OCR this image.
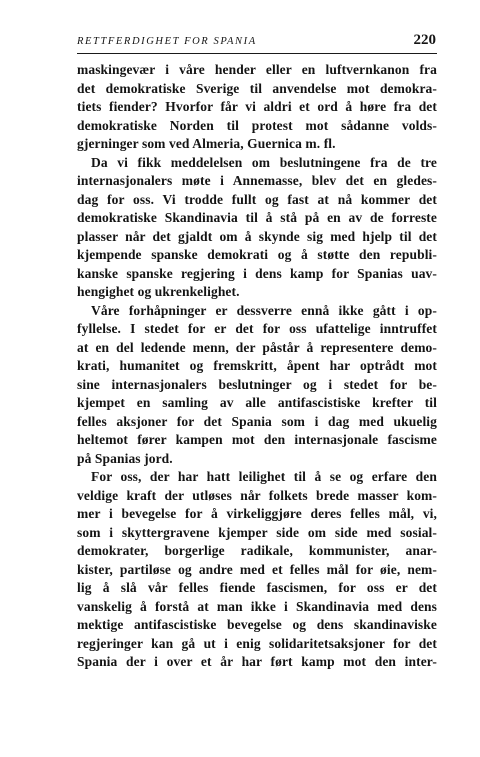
RETTFERDIGHET FOR SPANIA	220
maskingevær i våre hender eller en luftvernkanon fra
det demokratiske Sverige til anvendelse mot demokra-
tiets fiender? Hvorfor får vi aldri et ord å høre fra det
demokratiske Norden til protest mot sådanne volds-
gjerninger som ved Almeria, Guernica m. fl.
Da vi fikk meddelelsen om beslutningene fra de tre
internasjonalers møte i Annemasse, blev det en gledes-
dag for oss. Vi trodde fullt og fast at nå kommer det
demokratiske Skandinavia til å stå på en av de forreste
plasser når det gjaldt om å skynde sig med hjelp til det
kjempende spanske demokrati og å støtte den republi-
kanske spanske regjering i dens kamp for Spanias uav-
hengighet og ukrenkelighet.
Våre forhåpninger er dessverre ennå ikke gått i op-
fyllelse. I stedet for er det for oss ufattelige inntruffet
at en del ledende menn, der påstår å representere demo-
krati, humanitet og fremskritt, åpent har optrådt mot
sine internasjonalers beslutninger og i stedet for be-
kjempet en samling av alle antifascistiske krefter til
felles aksjoner for det Spania som i dag med ukuelig
heltemot fører kampen mot den internasjonale fascisme
på Spanias jord.
For oss, der har hatt leilighet til å se og erfare den
veldige kraft der utløses når folkets brede masser kom-
mer i bevegelse for å virkeliggjøre deres felles mål, vi,
som i skyttergravene kjemper side om side med sosial-
demokrater, borgerlige radikale, kommunister, anar-
kister, partiløse og andre med et felles mål for øie, nem-
lig å slå vår felles fiende fascismen, for oss er det
vanskelig å forstå at man ikke i Skandinavia med dens
mektige antifascistiske bevegelse og dens skandinaviske
regjeringer kan gå ut i enig solidaritetsaksjoner for det
Spania der i over et år har ført kamp mot den inter-
